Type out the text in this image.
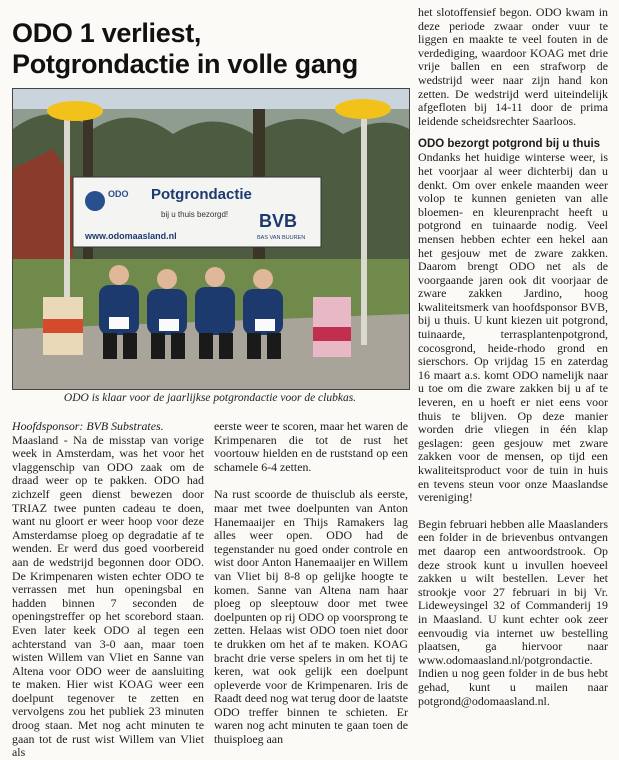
ODO 1 verliest,
Potgrondactie in volle gang
ODO Potgrondactie
bij u thuis bezorgd!
www.odomaasland.nl
BVB
BAS VAN BUUREN
ODO is klaar voor de jaarlijkse potgrondactie voor de clubkas.

Hoofdsponsor: BVB Substrates.

Maasland - Na de misstap van vorige week in Amsterdam, was het voor het vlaggenschip van ODO zaak om de draad weer op te pakken. ODO had zichzelf geen dienst bewezen door TRIAZ twee punten cadeau te doen, want nu gloort er weer hoop voor deze Amsterdamse ploeg op degradatie af te wenden. Er werd dus goed voorbereid aan de wedstrijd begonnen door ODO. De Krimpenaren wisten echter ODO te verrassen met hun openingsbal en hadden binnen 7 seconden de openingstreffer op het scorebord staan. Even later keek ODO al tegen een achterstand van 3-0 aan, maar toen wisten Willem van Vliet en Sanne van Altena voor ODO weer de aansluiting te maken. Hier wist KOAG weer een doelpunt tegenover te zetten en vervolgens zou het publiek 23 minuten droog staan. Met nog acht minuten te gaan tot de rust wist Willem van Vliet als

eerste weer te scoren, maar het waren de Krimpenaren die tot de rust het voortouw hielden en de ruststand op een schamele 6-4 zetten.

Na rust scoorde de thuisclub als eerste, maar met twee doelpunten van Anton Hanemaaijer en Thijs Ramakers lag alles weer open. ODO had de tegenstander nu goed onder controle en wist door Anton Hanemaaijer en Willem van Vliet bij 8-8 op gelijke hoogte te komen. Sanne van Altena nam haar ploeg op sleeptouw door met twee doelpunten op rij ODO op voorsprong te zetten. Helaas wist ODO toen niet door te drukken om het af te maken. KOAG bracht drie verse spelers in om het tij te keren, wat ook gelijk een doelpunt opleverde voor de Krimpenaren. Iris de Raadt deed nog wat terug door de laatste ODO treffer binnen te schieten. Er waren nog acht minuten te gaan toen de thuisploeg aan

het slotoffensief begon. ODO kwam in deze periode zwaar onder vuur te liggen en maakte te veel fouten in de verdediging, waardoor KOAG met drie vrije ballen en een strafworp de wedstrijd weer naar zijn hand kon zetten. De wedstrijd werd uiteindelijk afgefloten bij 14-11 door de prima leidende scheidsrechter Saarloos.

ODO bezorgt potgrond bij u thuis

Ondanks het huidige winterse weer, is het voorjaar al weer dichterbij dan u denkt. Om over enkele maanden weer volop te kunnen genieten van alle bloemen- en kleurenpracht heeft u potgrond en tuinaarde nodig. Veel mensen hebben echter een hekel aan het gesjouw met de zware zakken. Daarom brengt ODO net als de voorgaande jaren ook dit voorjaar de zware zakken Jardino, hoog kwaliteitsmerk van hoofdsponsor BVB, bij u thuis. U kunt kiezen uit potgrond, tuinaarde, terrasplantenpotgrond, cocosgrond, heide-rhodo grond en sierschors. Op vrijdag 15 en zaterdag 16 maart a.s. komt ODO namelijk naar u toe om die zware zakken bij u af te leveren, en u hoeft er niet eens voor thuis te blijven. Op deze manier worden drie vliegen in één klap geslagen: geen gesjouw met zware zakken voor de mensen, op tijd een kwaliteitsproduct voor de tuin in huis en tevens steun voor onze Maaslandse vereniging!

Begin februari hebben alle Maaslanders een folder in de brievenbus ontvangen met daarop een antwoordstrook. Op deze strook kunt u invullen hoeveel zakken u wilt bestellen. Lever het strookje voor 27 februari in bij Vr. Lideweysingel 32 of Commanderij 19 in Maasland. U kunt echter ook zeer eenvoudig via internet uw bestelling plaatsen, ga hiervoor naar www.odomaasland.nl/potgrondactie. Indien u nog geen folder in de bus hebt gehad, kunt u mailen naar potgrond@odomaasland.nl.
